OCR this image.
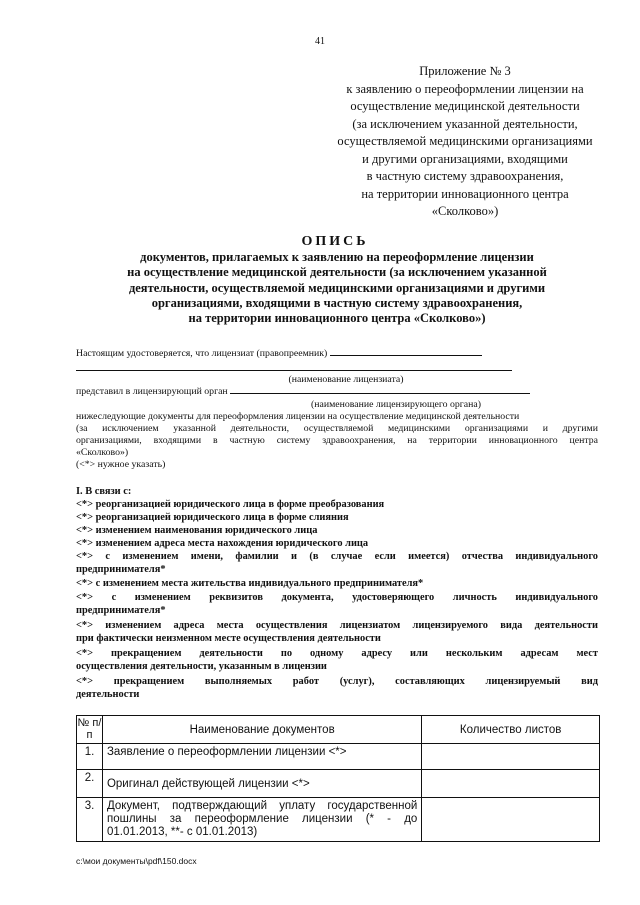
41
Приложение № 3
к заявлению о переоформлении лицензии на
осуществление медицинской деятельности
(за исключением указанной деятельности,
осуществляемой медицинскими организациями
и другими организациями, входящими
в частную систему здравоохранения,
на территории инновационного центра
«Сколково»)
ОПИСЬ
документов, прилагаемых к заявлению на переоформление лицензии
на осуществление медицинской деятельности (за исключением указанной
деятельности, осуществляемой медицинскими организациями и другими
организациями, входящими в частную систему здравоохранения,
на территории инновационного центра «Сколково»)
Настоящим удостоверяется, что лицензиат (правопреемник)
(наименование лицензиата)
представил в лицензирующий орган
(наименование лицензирующего органа)
нижеследующие документы для переоформления лицензии на осуществление медицинской деятельности
(за исключением указанной деятельности, осуществляемой медицинскими организациями и другими
организациями, входящими в частную систему здравоохранения, на территории инновационного центра
«Сколково»)
(<*> нужное указать)
I. В связи с:
<*> реорганизацией юридического лица в форме преобразования
<*> реорганизацией юридического лица в форме слияния
<*> изменением наименования юридического лица
<*> изменением адреса места нахождения юридического лица
<*> с изменением имени, фамилии и (в случае если имеется) отчества индивидуального
предпринимателя*
<*> с изменением места жительства индивидуального предпринимателя*
<*> с изменением реквизитов документа, удостоверяющего личность индивидуального
предпринимателя*
<*> изменением адреса места осуществления лицензиатом лицензируемого вида деятельности
при фактически неизменном месте осуществления деятельности
<*> прекращением деятельности по одному адресу или нескольким адресам мест
осуществления деятельности, указанным в лицензии
<*> прекращением выполняемых работ (услуг), составляющих лицензируемый вид
деятельности
№ п/п	Наименование документов	Количество листов
1.	Заявление о переоформлении лицензии <*>	
2.	Оригинал действующей лицензии <*>	
3.	Документ, подтверждающий уплату государственной пошлины за переоформление лицензии (* - до 01.01.2013, **- с 01.01.2013)	
c:\мои документы\pdf\150.docx
